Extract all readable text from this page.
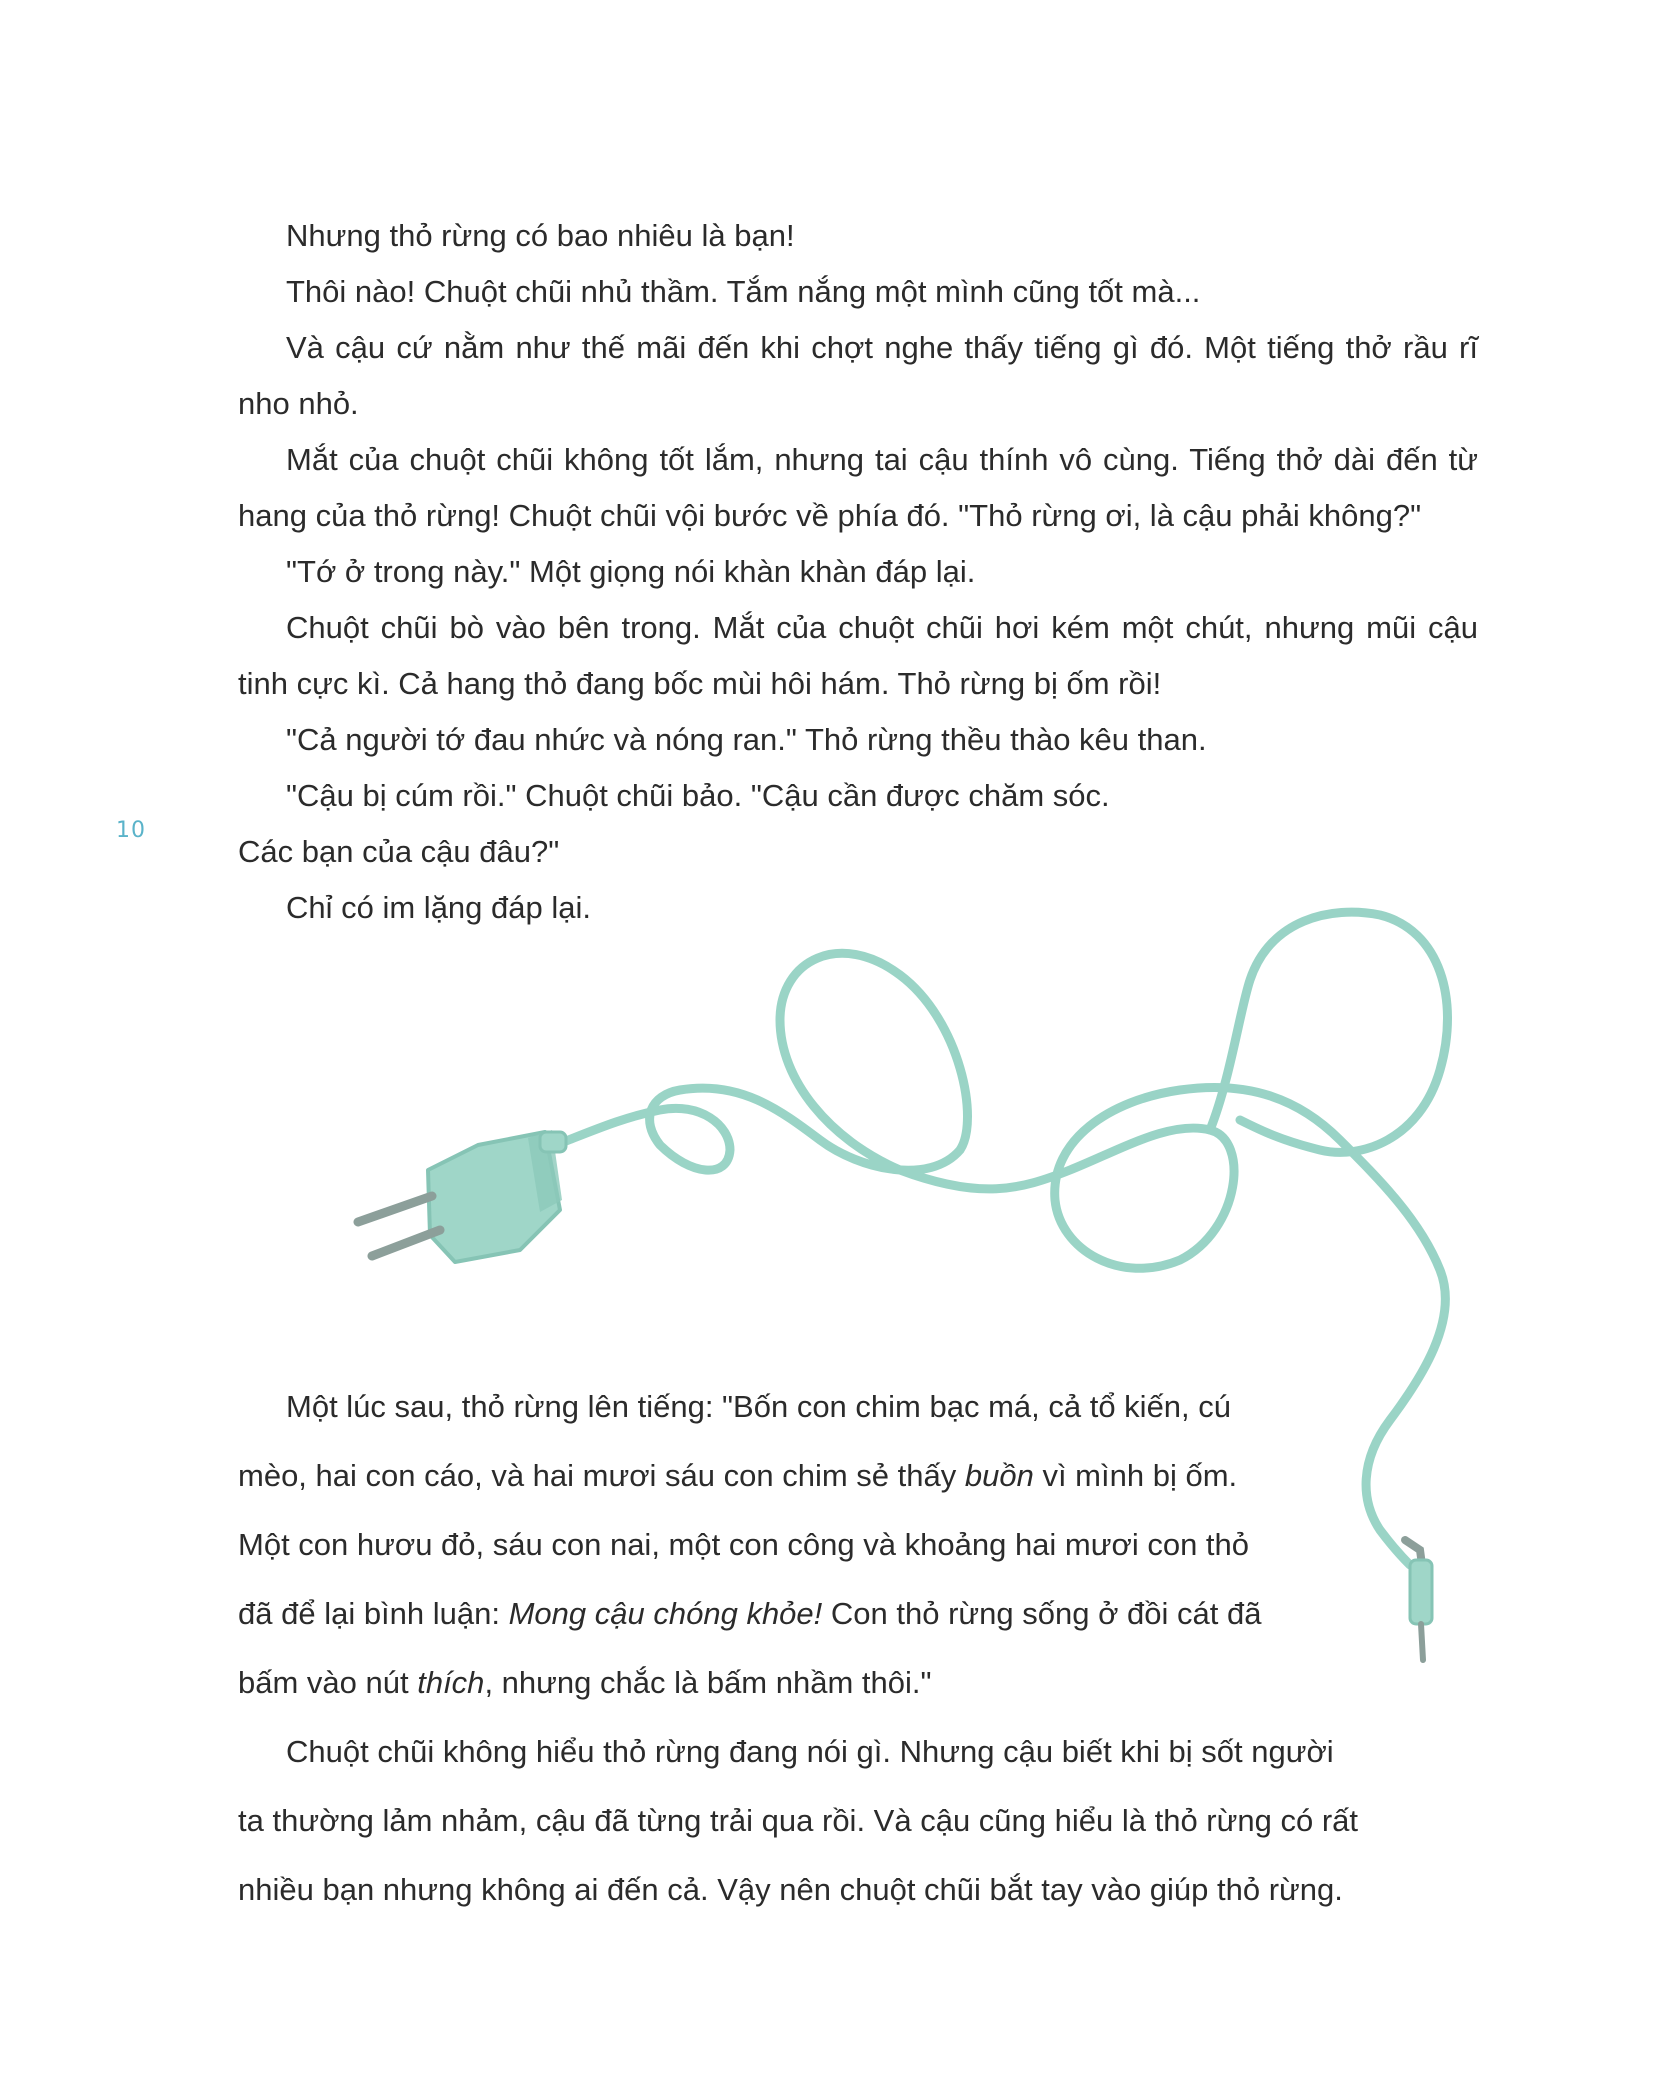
10

Nhưng thỏ rừng có bao nhiêu là bạn!

Thôi nào! Chuột chũi nhủ thầm. Tắm nắng một mình cũng tốt mà...

Và cậu cứ nằm như thế mãi đến khi chợt nghe thấy tiếng gì đó. Một tiếng thở rầu rĩ nho nhỏ.

Mắt của chuột chũi không tốt lắm, nhưng tai cậu thính vô cùng. Tiếng thở dài đến từ hang của thỏ rừng! Chuột chũi vội bước về phía đó. "Thỏ rừng ơi, là cậu phải không?"

"Tớ ở trong này." Một giọng nói khàn khàn đáp lại.

Chuột chũi bò vào bên trong. Mắt của chuột chũi hơi kém một chút, nhưng mũi cậu tinh cực kì. Cả hang thỏ đang bốc mùi hôi hám. Thỏ rừng bị ốm rồi!

"Cả người tớ đau nhức và nóng ran." Thỏ rừng thều thào kêu than.

"Cậu bị cúm rồi." Chuột chũi bảo. "Cậu cần được chăm sóc.

Các bạn của cậu đâu?"

Chỉ có im lặng đáp lại.

Một lúc sau, thỏ rừng lên tiếng: "Bốn con chim bạc má, cả tổ kiến, cú
mèo, hai con cáo, và hai mươi sáu con chim sẻ thấy buồn vì mình bị ốm.
Một con hươu đỏ, sáu con nai, một con công và khoảng hai mươi con thỏ
đã để lại bình luận: Mong cậu chóng khỏe! Con thỏ rừng sống ở đồi cát đã
bấm vào nút thích, nhưng chắc là bấm nhầm thôi."

Chuột chũi không hiểu thỏ rừng đang nói gì. Nhưng cậu biết khi bị sốt người
ta thường lảm nhảm, cậu đã từng trải qua rồi. Và cậu cũng hiểu là thỏ rừng có rất
nhiều bạn nhưng không ai đến cả. Vậy nên chuột chũi bắt tay vào giúp thỏ rừng.
